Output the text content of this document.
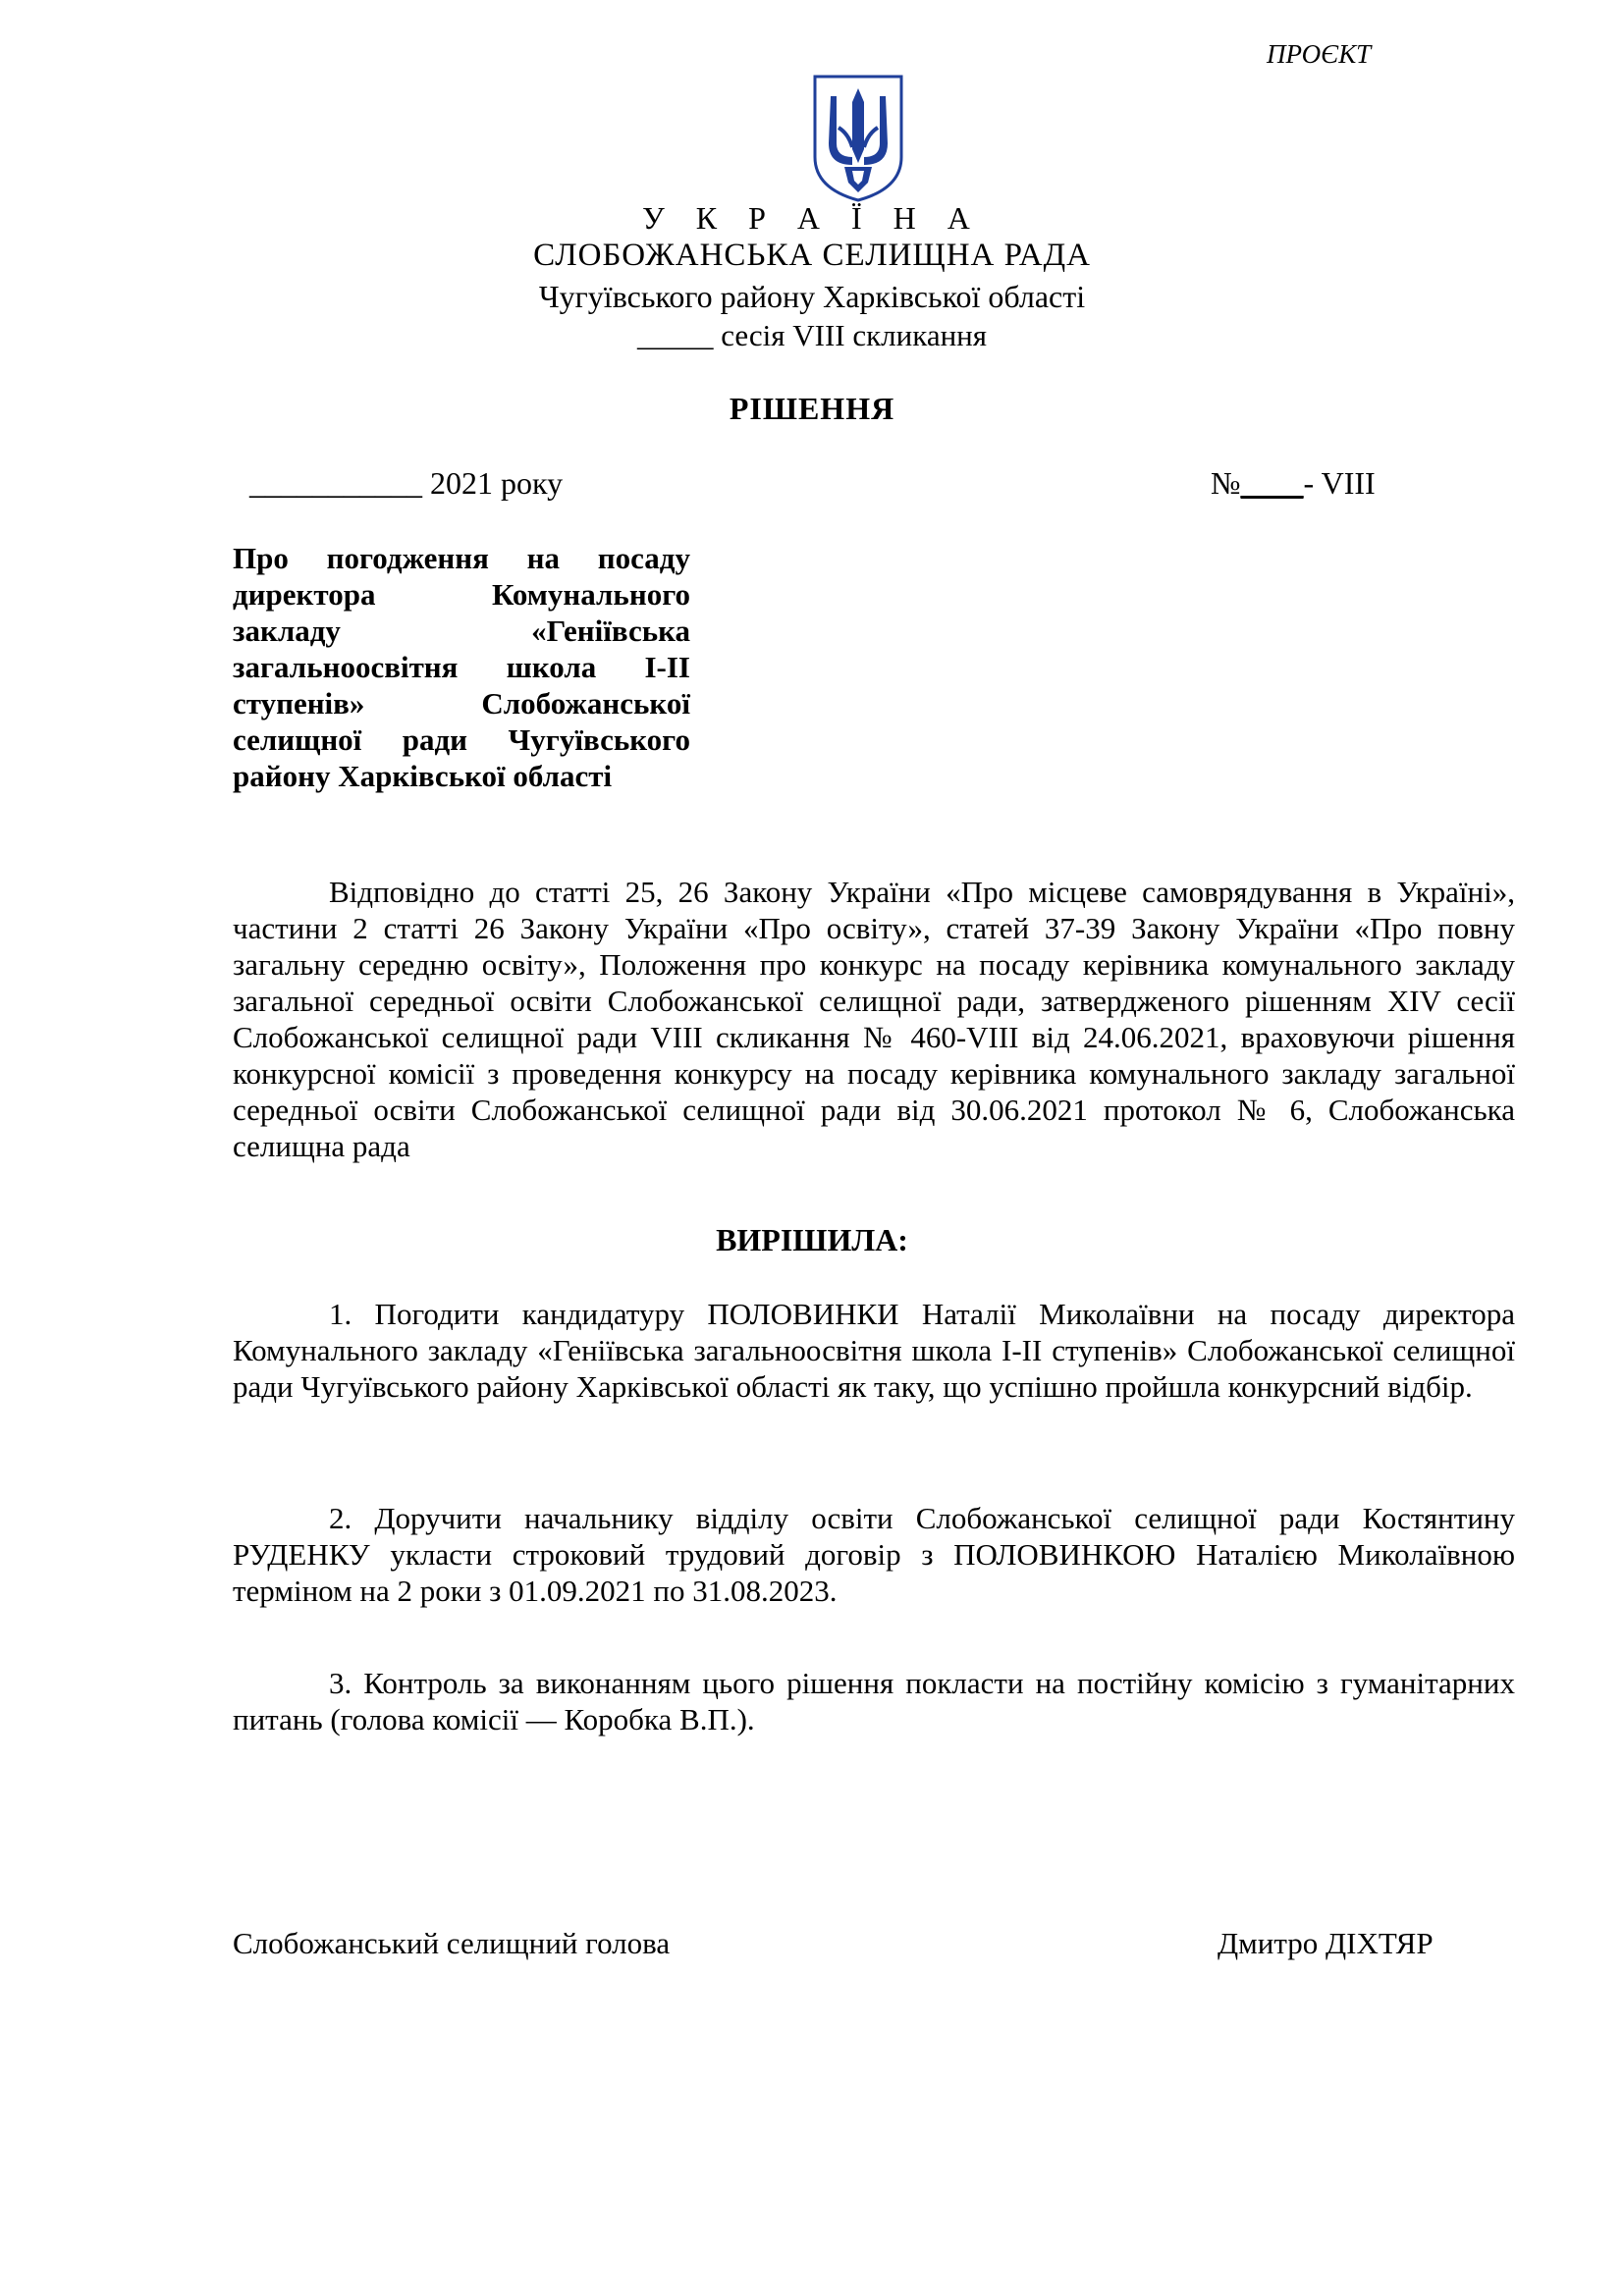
ПРОЄКТ
У К Р А Ї Н А
СЛОБОЖАНСЬКА СЕЛИЩНА РАДА
Чугуївського району Харківської області
_____ сесія VIII скликання
РІШЕННЯ
___________ 2021 року	№____- VIII
Про погодження на посаду директора Комунального закладу «Геніївська загальноосвітня школа І-ІІ ступенів» Слобожанської селищної ради Чугуївського району Харківської області
Відповідно до статті 25, 26 Закону України «Про місцеве самоврядування в Україні», частини 2 статті 26 Закону України «Про освіту», статей 37-39 Закону України «Про повну загальну середню освіту», Положення про конкурс на посаду керівника комунального закладу загальної середньої освіти Слобожанської селищної ради, затвердженого рішенням XIV сесії Слобожанської селищної ради VIII скликання № 460-VIII від 24.06.2021, враховуючи рішення конкурсної комісії з проведення конкурсу на посаду керівника комунального закладу загальної середньої освіти Слобожанської селищної ради від 30.06.2021 протокол № 6, Слобожанська селищна рада
ВИРІШИЛА:
1. Погодити кандидатуру ПОЛОВИНКИ Наталії Миколаївни на посаду директора Комунального закладу «Геніївська загальноосвітня школа І-ІІ ступенів» Слобожанської селищної ради Чугуївського району Харківської області як таку, що успішно пройшла конкурсний відбір.
2. Доручити начальнику відділу освіти Слобожанської селищної ради Костянтину РУДЕНКУ укласти строковий трудовий договір з ПОЛОВИНКОЮ Наталією Миколаївною терміном на 2 роки з 01.09.2021 по 31.08.2023.
3. Контроль за виконанням цього рішення покласти на постійну комісію з гуманітарних питань (голова комісії — Коробка В.П.).
Слобожанський селищний голова	Дмитро ДІХТЯР
